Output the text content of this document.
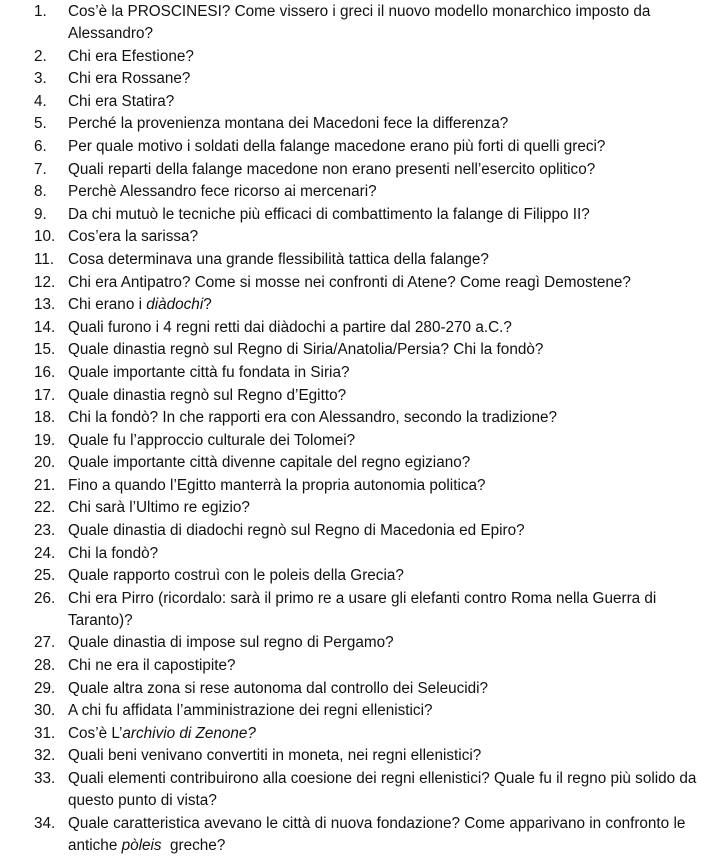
1.	Cos’è la PROSCINESI? Come vissero i greci il nuovo modello monarchico imposto da Alessandro?
2.	Chi era Efestione?
3.	Chi era Rossane?
4.	Chi era Statira?
5.	Perché la provenienza montana dei Macedoni fece la differenza?
6.	Per quale motivo i soldati della falange macedone erano più forti di quelli greci?
7.	Quali reparti della falange macedone non erano presenti nell’esercito oplitico?
8.	Perchè Alessandro fece ricorso ai mercenari?
9.	Da chi mutuò le tecniche più efficaci di combattimento la falange di Filippo II?
10. Cos’era la sarissa?
11. Cosa determinava una grande flessibilità tattica della falange?
12. Chi era Antipatro? Come si mosse nei confronti di Atene? Come reagì Demostene?
13. Chi erano i diàdochi?
14. Quali furono i 4 regni retti dai diàdochi a partire dal 280-270 a.C.?
15. Quale dinastia regnò sul Regno di Siria/Anatolia/Persia? Chi la fondò?
16. Quale importante città fu fondata in Siria?
17. Quale dinastia regnò sul Regno d’Egitto?
18. Chi la fondò? In che rapporti era con Alessandro, secondo la tradizione?
19. Quale fu l’approccio culturale dei Tolomei?
20. Quale importante città divenne capitale del regno egiziano?
21. Fino a quando l’Egitto manterrà la propria autonomia politica?
22. Chi sarà l’Ultimo re egizio?
23. Quale dinastia di diadochi regnò sul Regno di Macedonia ed Epiro?
24. Chi la fondò?
25. Quale rapporto costruì con le poleis della Grecia?
26. Chi era Pirro (ricordalo: sarà il primo re a usare gli elefanti contro Roma nella Guerra di Taranto)?
27. Quale dinastia di impose sul regno di Pergamo?
28. Chi ne era il capostipite?
29. Quale altra zona si rese autonoma dal controllo dei Seleucidi?
30. A chi fu affidata l’amministrazione dei regni ellenistici?
31. Cos’è L’archivio di Zenone?
32. Quali beni venivano convertiti in moneta, nei regni ellenistici?
33. Quali elementi contribuirono alla coesione dei regni ellenistici? Quale fu il regno più solido da questo punto di vista?
34. Quale caratteristica avevano le città di nuova fondazione? Come apparivano in confronto le antiche pòleis  greche?
